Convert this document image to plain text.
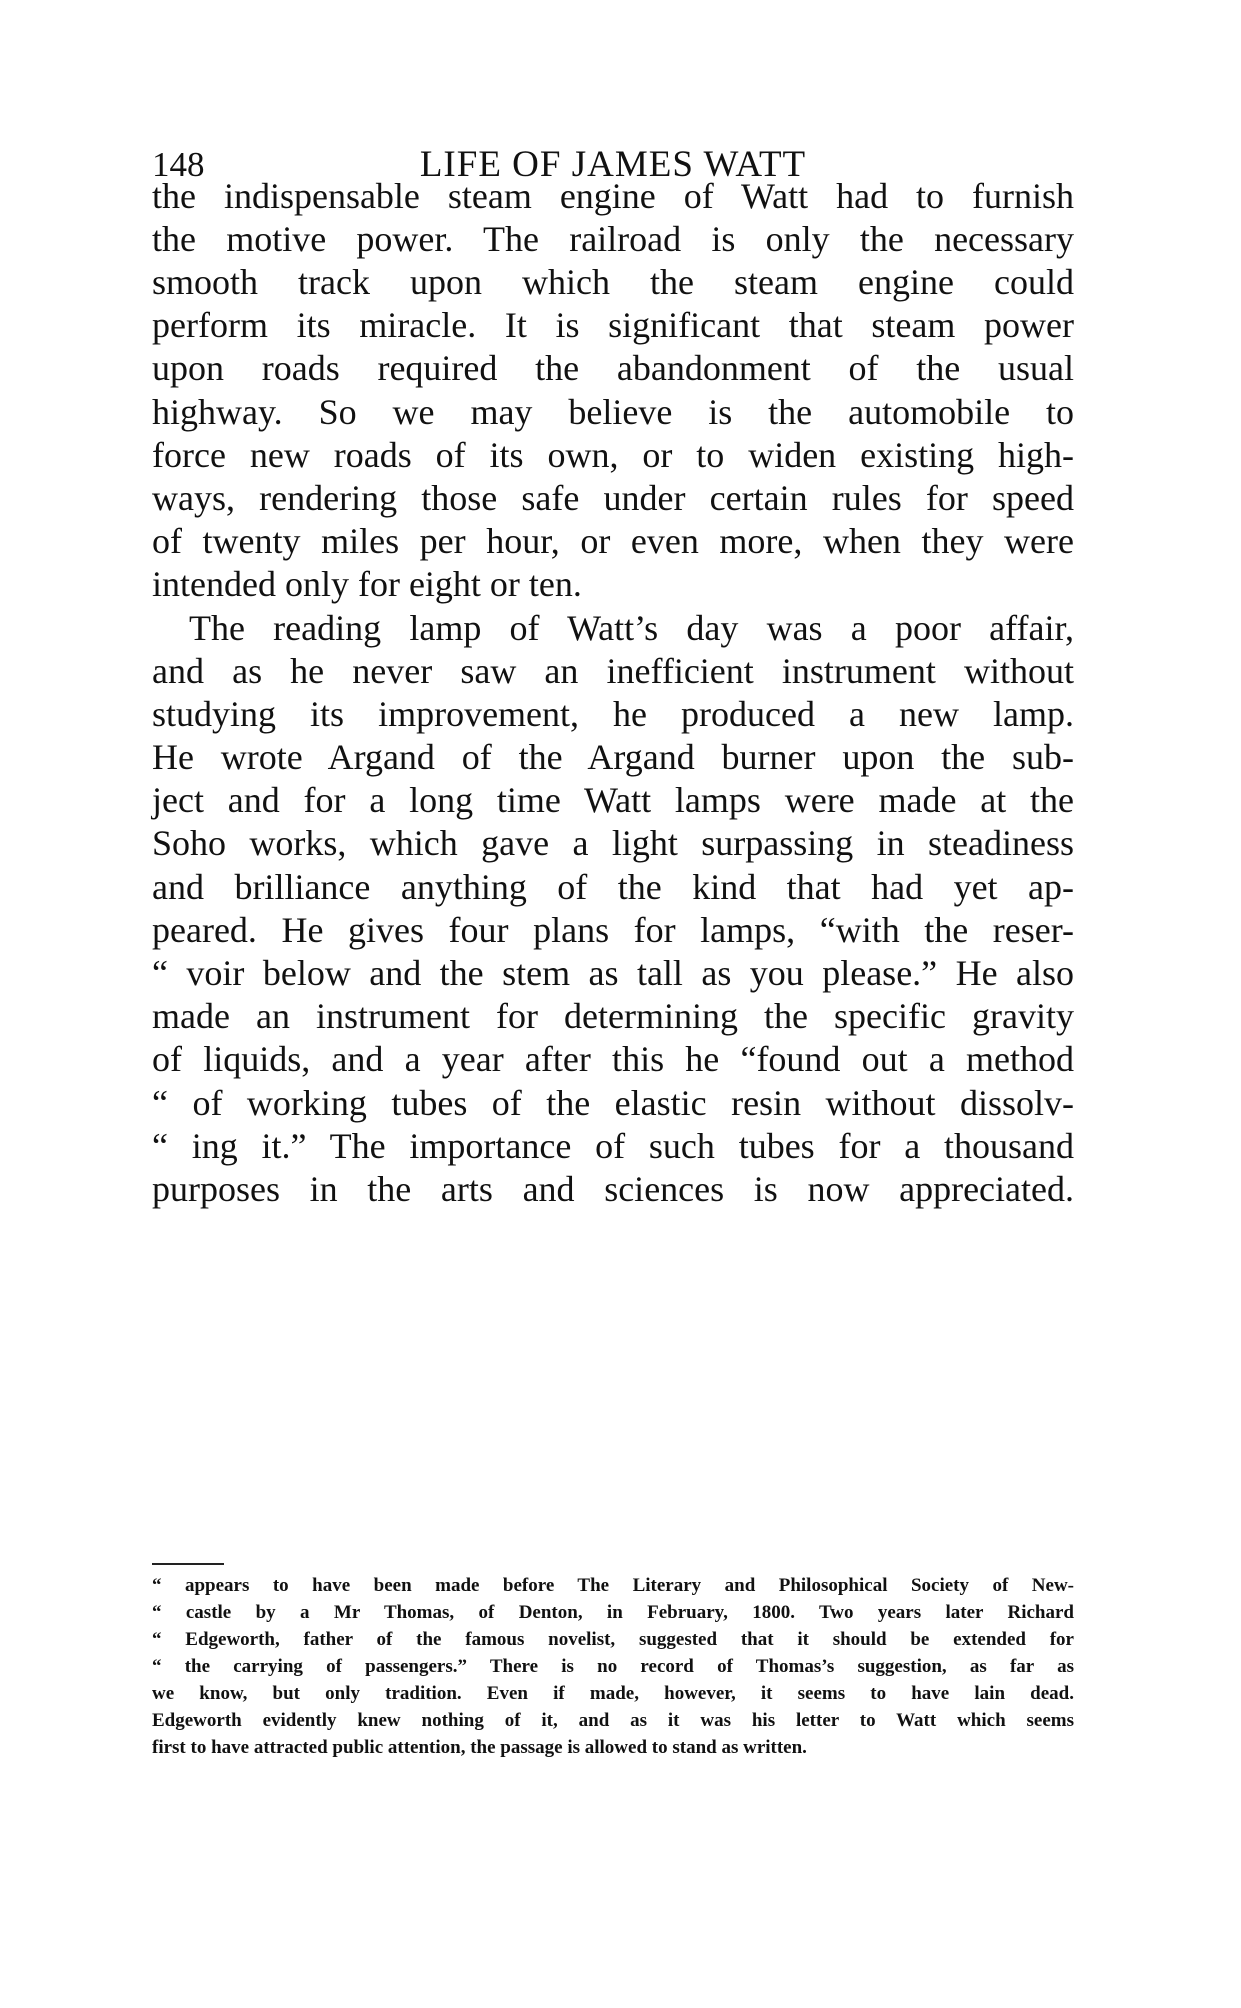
148	LIFE OF JAMES WATT
the indispensable steam engine of Watt had to furnish
the motive power. The railroad is only the necessary
smooth track upon which the steam engine could
perform its miracle. It is significant that steam power
upon roads required the abandonment of the usual
highway. So we may believe is the automobile to
force new roads of its own, or to widen existing high-
ways, rendering those safe under certain rules for speed
of twenty miles per hour, or even more, when they were
intended only for eight or ten.
The reading lamp of Watt’s day was a poor affair,
and as he never saw an inefficient instrument without
studying its improvement, he produced a new lamp.
He wrote Argand of the Argand burner upon the sub-
ject and for a long time Watt lamps were made at the
Soho works, which gave a light surpassing in steadiness
and brilliance anything of the kind that had yet ap-
peared. He gives four plans for lamps, “with the reser-
“ voir below and the stem as tall as you please.” He also
made an instrument for determining the specific gravity
of liquids, and a year after this he “found out a method
“ of working tubes of the elastic resin without dissolv-
“ ing it.” The importance of such tubes for a thousand
purposes in the arts and sciences is now appreciated.
“ appears to have been made before The Literary and Philosophical Society of New-
“ castle by a Mr Thomas, of Denton, in February, 1800. Two years later Richard
“ Edgeworth, father of the famous novelist, suggested that it should be extended for
“ the carrying of passengers.” There is no record of Thomas’s suggestion, as far as
we know, but only tradition. Even if made, however, it seems to have lain dead.
Edgeworth evidently knew nothing of it, and as it was his letter to Watt which seems
first to have attracted public attention, the passage is allowed to stand as written.
